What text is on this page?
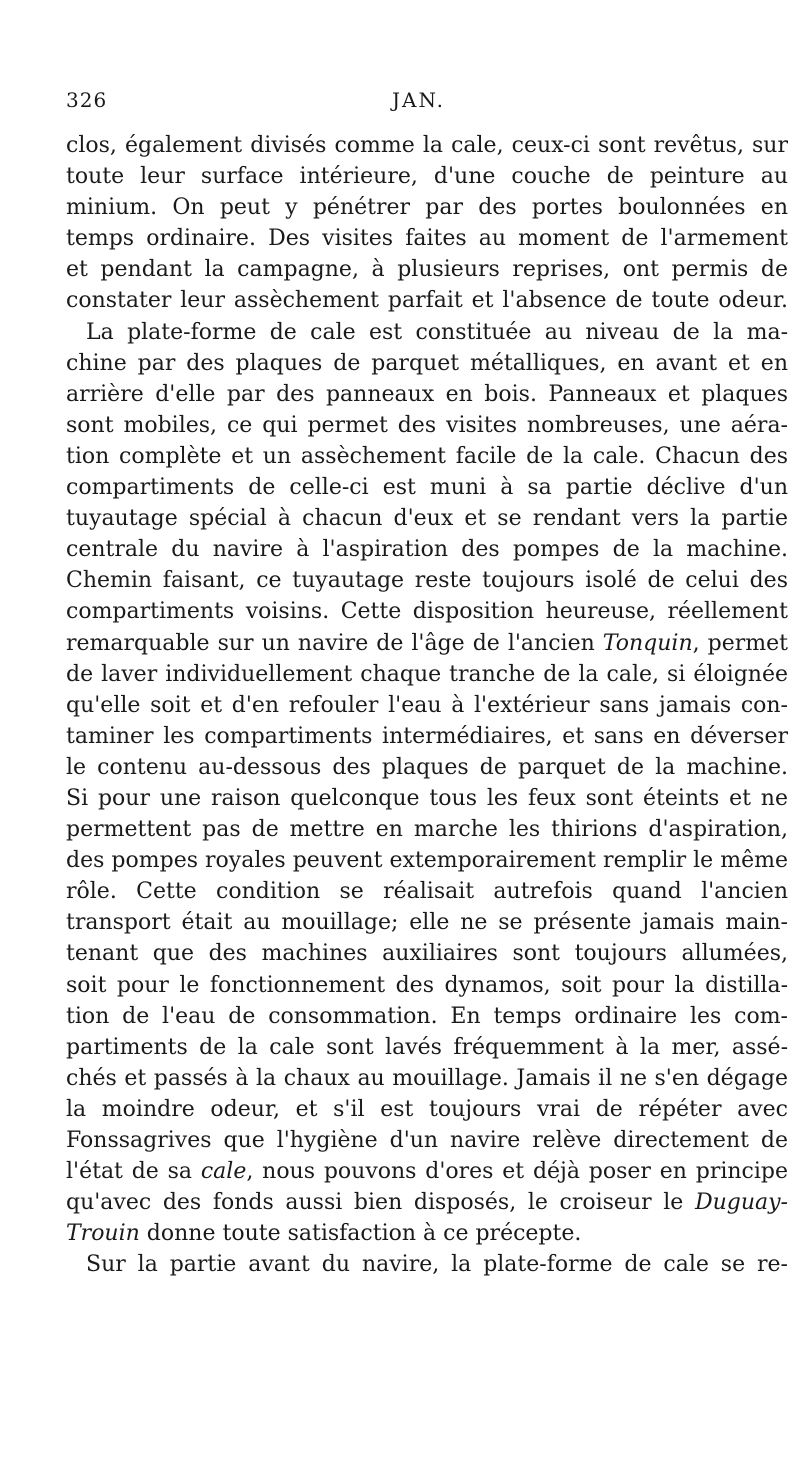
326	JAN.
clos, également divisés comme la cale, ceux-ci sont revêtus, sur
toute leur surface intérieure, d'une couche de peinture au
minium. On peut y pénétrer par des portes boulonnées en
temps ordinaire. Des visites faites au moment de l'armement
et pendant la campagne, à plusieurs reprises, ont permis de
constater leur assèchement parfait et l'absence de toute odeur.
La plate-forme de cale est constituée au niveau de la ma-
chine par des plaques de parquet métalliques, en avant et en
arrière d'elle par des panneaux en bois. Panneaux et plaques
sont mobiles, ce qui permet des visites nombreuses, une aéra-
tion complète et un assèchement facile de la cale. Chacun des
compartiments de celle-ci est muni à sa partie déclive d'un
tuyautage spécial à chacun d'eux et se rendant vers la partie
centrale du navire à l'aspiration des pompes de la machine.
Chemin faisant, ce tuyautage reste toujours isolé de celui des
compartiments voisins. Cette disposition heureuse, réellement
remarquable sur un navire de l'âge de l'ancien Tonquin, permet
de laver individuellement chaque tranche de la cale, si éloignée
qu'elle soit et d'en refouler l'eau à l'extérieur sans jamais con-
taminer les compartiments intermédiaires, et sans en déverser
le contenu au-dessous des plaques de parquet de la machine.
Si pour une raison quelconque tous les feux sont éteints et ne
permettent pas de mettre en marche les thirions d'aspiration,
des pompes royales peuvent extemporairement remplir le même
rôle. Cette condition se réalisait autrefois quand l'ancien
transport était au mouillage; elle ne se présente jamais main-
tenant que des machines auxiliaires sont toujours allumées,
soit pour le fonctionnement des dynamos, soit pour la distilla-
tion de l'eau de consommation. En temps ordinaire les com-
partiments de la cale sont lavés fréquemment à la mer, assé-
chés et passés à la chaux au mouillage. Jamais il ne s'en dégage
la moindre odeur, et s'il est toujours vrai de répéter avec
Fonssagrives que l'hygiène d'un navire relève directement de
l'état de sa cale, nous pouvons d'ores et déjà poser en principe
qu'avec des fonds aussi bien disposés, le croiseur le Duguay-
Trouin donne toute satisfaction à ce précepte.
Sur la partie avant du navire, la plate-forme de cale se re-
